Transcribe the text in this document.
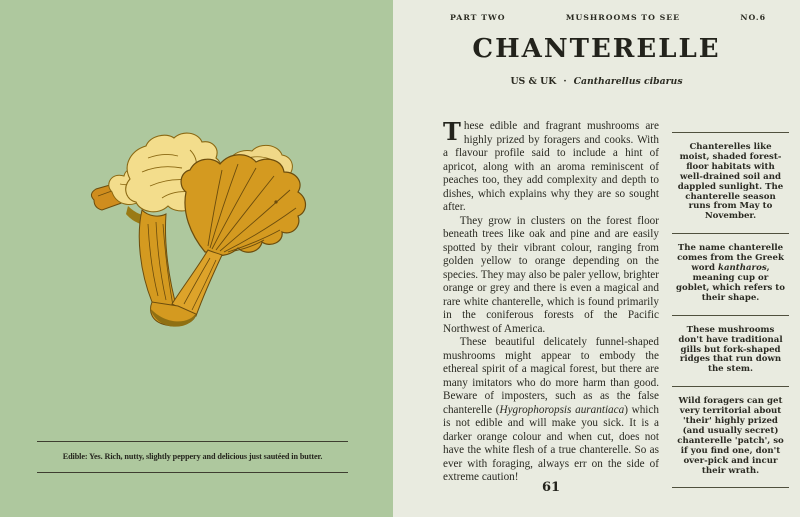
Edible: Yes. Rich, nutty, slightly peppery and delicious just sautéed in butter.
PART TWO	MUSHROOMS TO SEE	NO.6
CHANTERELLE
US & UK · Cantharellus cibarus

These edible and fragrant mushrooms are highly prized by foragers and cooks. With a flavour profile said to include a hint of apricot, along with an aroma reminiscent of peaches too, they add complexity and depth to dishes, which explains why they are so sought after.

They grow in clusters on the forest floor beneath trees like oak and pine and are easily spotted by their vibrant colour, ranging from golden yellow to orange depending on the species. They may also be paler yellow, brighter orange or grey and there is even a magical and rare white chanterelle, which is found primarily in the coniferous forests of the Pacific Northwest of America.

These beautiful delicately funnel-shaped mushrooms might appear to embody the ethereal spirit of a magical forest, but there are many imitators who do more harm than good. Beware of imposters, such as as the false chanterelle (Hygrophoropsis aurantiaca) which is not edible and will make you sick. It is a darker orange colour and when cut, does not have the white flesh of a true chanterelle. So as ever with foraging, always err on the side of extreme caution!

Chanterelles like moist, shaded forest-floor habitats with well-drained soil and dappled sunlight. The chanterelle season runs from May to November.
The name chanterelle comes from the Greek word kantharos, meaning cup or goblet, which refers to their shape.
These mushrooms don't have traditional gills but fork-shaped ridges that run down the stem.
Wild foragers can get very territorial about 'their' highly prized (and usually secret) chanterelle 'patch', so if you find one, don't over-pick and incur their wrath.
61
